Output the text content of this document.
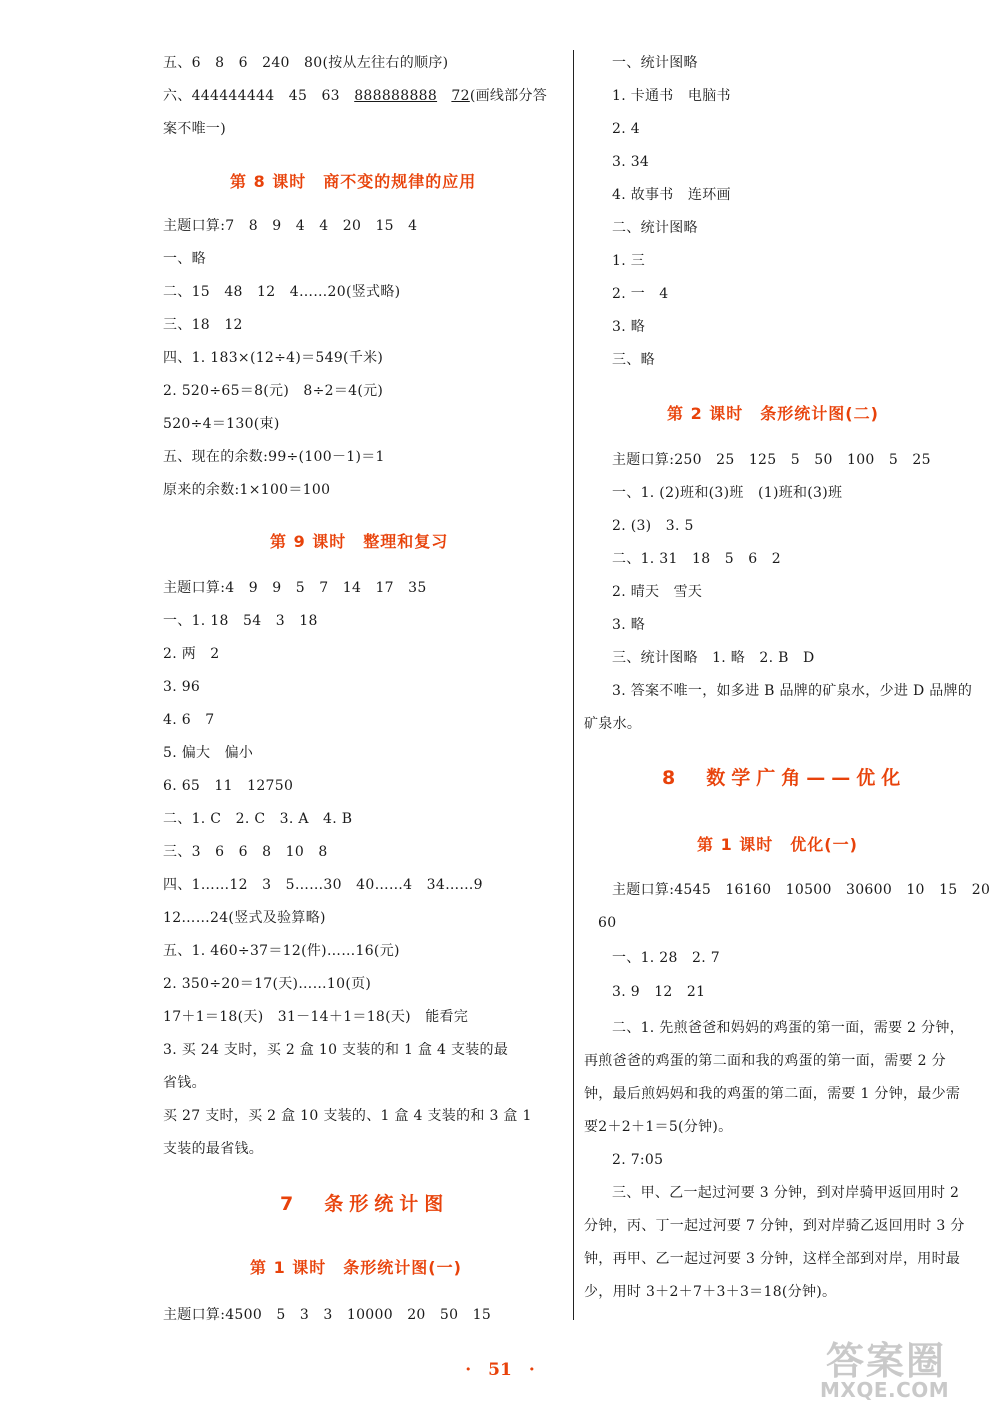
五、6　8　6　240　80(按从左往右的顺序)
六、444444444　45　63　888888888　 72(画线部分答
案不唯一)
第 8 课时　商不变的规律的应用
主题口算:7　8　9　4　4　20　15　4
一、略
二、15　48　12　4……20(竖式略)
三、18　12
四、1. 183×(12÷4)＝549(千米)
2. 520÷65＝8(元)　8÷2＝4(元)
520÷4＝130(束)
五、现在的余数:99÷(100－1)＝1
原来的余数:1×100＝100
第 9 课时　整理和复习
主题口算:4　9　9　5　7　14　17　35
一、1. 18　54　3　18
2. 两　2
3. 96
4. 6　7
5. 偏大　偏小
6. 65　11　12750
二、1. C　2. C　3. A　4. B
三、3　6　6　8　10　8
四、1……12　3　5……30　40……4　34……9
12……24(竖式及验算略)
五、1. 460÷37＝12(件)……16(元)
2. 350÷20＝17(天)……10(页)
17＋1＝18(天)　31－14＋1＝18(天)　能看完
3. 买 24 支时，买 2 盒 10 支装的和 1 盒 4 支装的最
省钱。
买 27 支时，买 2 盒 10 支装的、1 盒 4 支装的和 3 盒 1
支装的最省钱。
7　条形统计图
第 1 课时　条形统计图(一)
主题口算:4500　5　3　3　10000　20　50　15
一、统计图略
1. 卡通书　电脑书
2. 4
3. 34
4. 故事书　连环画
二、统计图略
1. 三
2. 一　4
3. 略
三、略
第 2 课时　条形统计图(二)
主题口算:250　25　125　5　50　100　5　25
一、1. (2)班和(3)班　(1)班和(3)班
2. (3)　3. 5
二、1. 31　18　5　6　2
2. 晴天　雪天
3. 略
三、统计图略　1. 略　2. B　D
3. 答案不唯一，如多进 B 品牌的矿泉水，少进 D 品牌的
矿泉水。
8　数学广角——优化
第 1 课时　优化(一)
主题口算:4545　16160　10500　30600　10　15　20
60
一、1. 28　2. 7
3. 9　12　21
二、1. 先煎爸爸和妈妈的鸡蛋的第一面，需要 2 分钟，
再煎爸爸的鸡蛋的第二面和我的鸡蛋的第一面，需要 2 分
钟，最后煎妈妈和我的鸡蛋的第二面，需要 1 分钟，最少需
要2＋2＋1＝5(分钟)。
2. 7:05
三、甲、乙一起过河要 3 分钟，到对岸骑甲返回用时 2
分钟，丙、丁一起过河要 7 分钟，到对岸骑乙返回用时 3 分
钟，再甲、乙一起过河要 3 分钟，这样全部到对岸，用时最
少，用时 3＋2＋7＋3＋3＝18(分钟)。
·　51　·	答案圈
MXQE.COM
